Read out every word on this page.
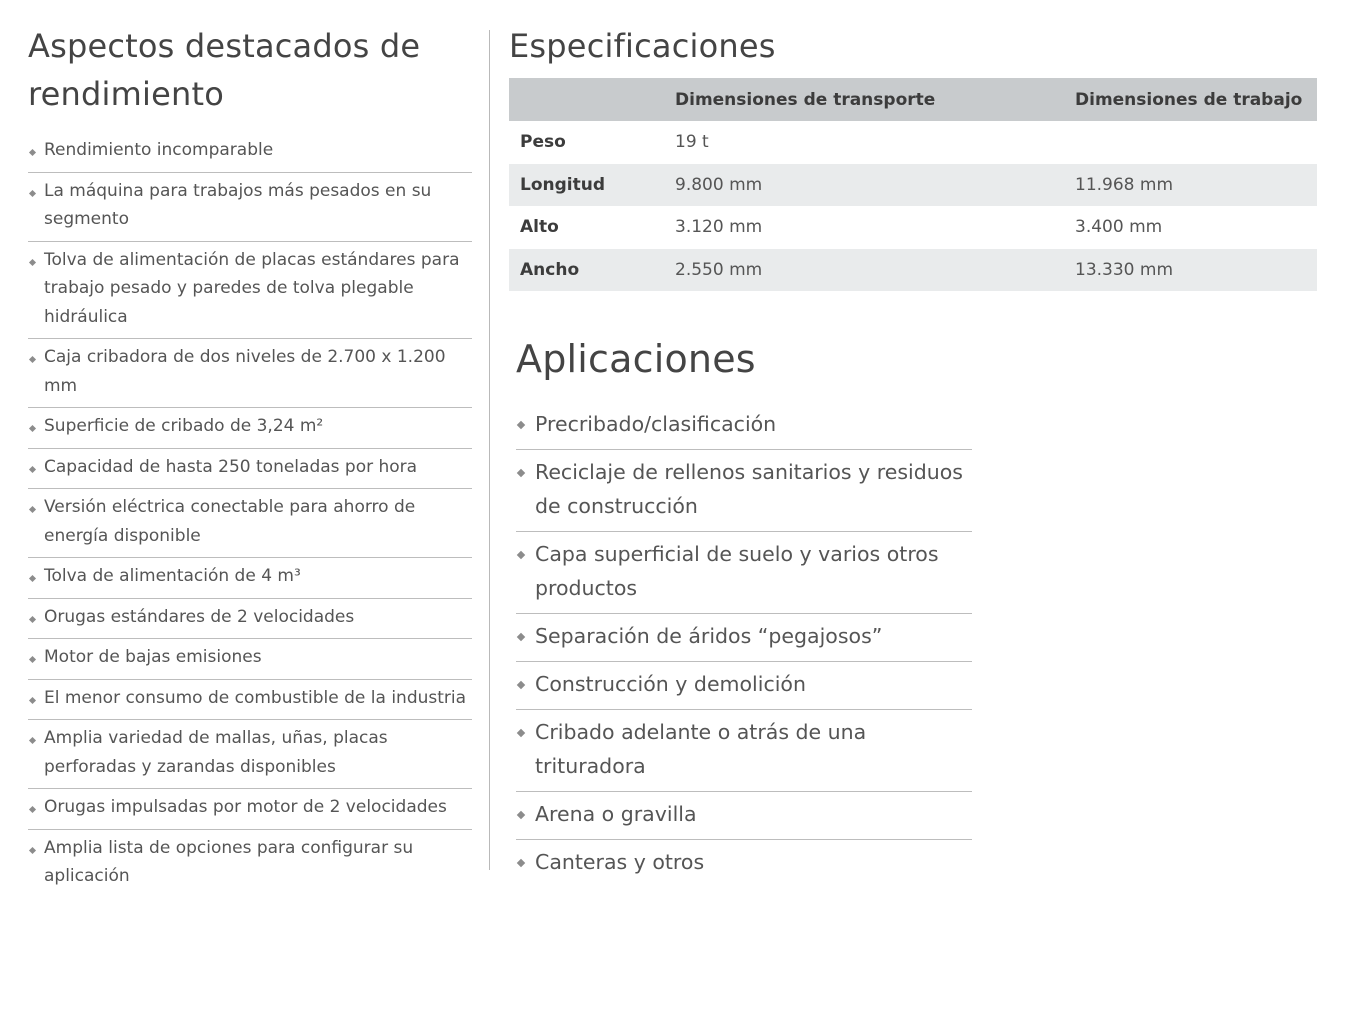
Aspectos destacados de rendimiento
Rendimiento incomparable
La máquina para trabajos más pesados en su segmento
Tolva de alimentación de placas estándares para trabajo pesado y paredes de tolva plegable hidráulica
Caja cribadora de dos niveles de 2.700 x 1.200 mm
Superficie de cribado de 3,24 m²
Capacidad de hasta 250 toneladas por hora
Versión eléctrica conectable para ahorro de energía disponible
Tolva de alimentación de 4 m³
Orugas estándares de 2 velocidades
Motor de bajas emisiones
El menor consumo de combustible de la industria
Amplia variedad de mallas, uñas, placas perforadas y zarandas disponibles
Orugas impulsadas por motor de 2 velocidades
Amplia lista de opciones para configurar su aplicación
Especificaciones
	Dimensiones de transporte	Dimensiones de trabajo
Peso	19 t	
Longitud	9.800 mm	11.968 mm
Alto	3.120 mm	3.400 mm
Ancho	2.550 mm	13.330 mm
Aplicaciones
Precribado/clasificación
Reciclaje de rellenos sanitarios y residuos de construcción
Capa superficial de suelo y varios otros productos
Separación de áridos “pegajosos”
Construcción y demolición
Cribado adelante o atrás de una trituradora
Arena o gravilla
Canteras y otros
